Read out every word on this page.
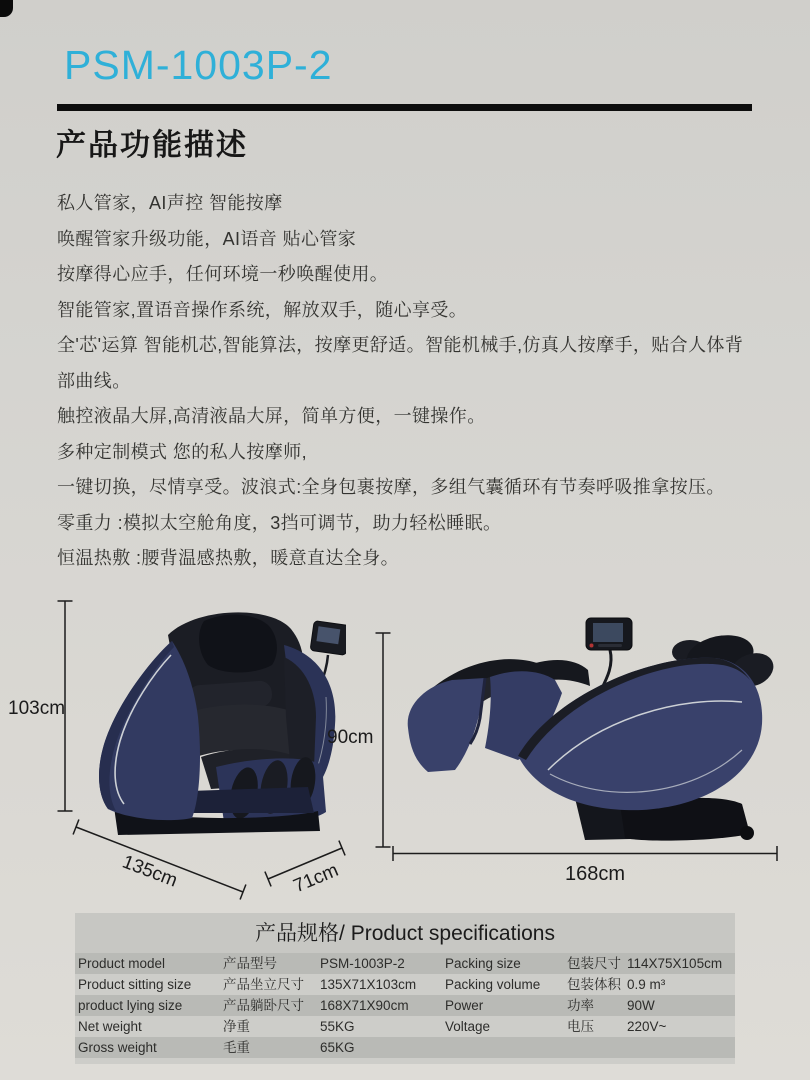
PSM-1003P-2
产品功能描述
私人管家，AI声控 智能按摩
唤醒管家升级功能，AI语音 贴心管家
按摩得心应手，任何环境一秒唤醒使用。
智能管家,置语音操作系统，解放双手，随心享受。
全'芯'运算 智能机芯,智能算法，按摩更舒适。智能机械手,仿真人按摩手，贴合人体背部曲线。
触控液晶大屏,高清液晶大屏，简单方便，一键操作。
多种定制模式 您的私人按摩师,
一键切换，尽情享受。波浪式:全身包裹按摩，多组气囊循环有节奏呼吸推拿按压。
零重力 :模拟太空舱角度，3挡可调节，助力轻松睡眠。
恒温热敷 :腰背温感热敷，暖意直达全身。
103cm
135cm	71cm
90cm
168cm
产品规格/ Product specifications
Product model	产品型号	PSM-1003P-2	Packing size	包装尺寸 114X75X105cm
Product sitting size	产品坐立尺寸	135X71X103cm	Packing volume	包装体积 0.9 m³
product lying size	产品躺卧尺寸	168X71X90cm	Power	功率	90W
Net weight	净重	55KG	Voltage	电压	220V~
Gross weight	毛重	65KG
